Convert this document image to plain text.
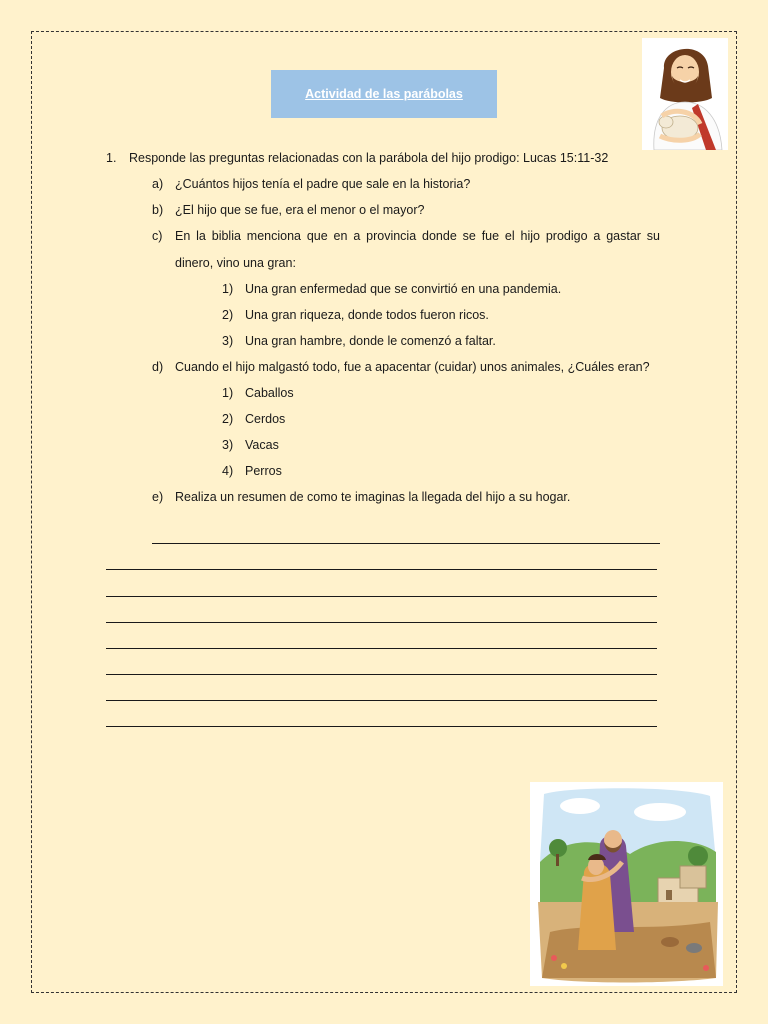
Actividad de las parábolas
1. Responde las preguntas relacionadas con la parábola del hijo prodigo: Lucas 15:11-32
a) ¿Cuántos hijos tenía el padre que sale en la historia?
b) ¿El hijo que se fue, era el menor o el mayor?
c) En la biblia menciona que en a provincia donde se fue el hijo prodigo a gastar su
dinero, vino una gran:
1) Una gran enfermedad que se convirtió en una pandemia.
2) Una gran riqueza, donde todos fueron ricos.
3) Una gran hambre, donde le comenzó a faltar.
d) Cuando el hijo malgastó todo, fue a apacentar (cuidar) unos animales, ¿Cuáles eran?
1) Caballos
2) Cerdos
3) Vacas
4) Perros
e) Realiza un resumen de como te imaginas la llegada del hijo a su hogar.
